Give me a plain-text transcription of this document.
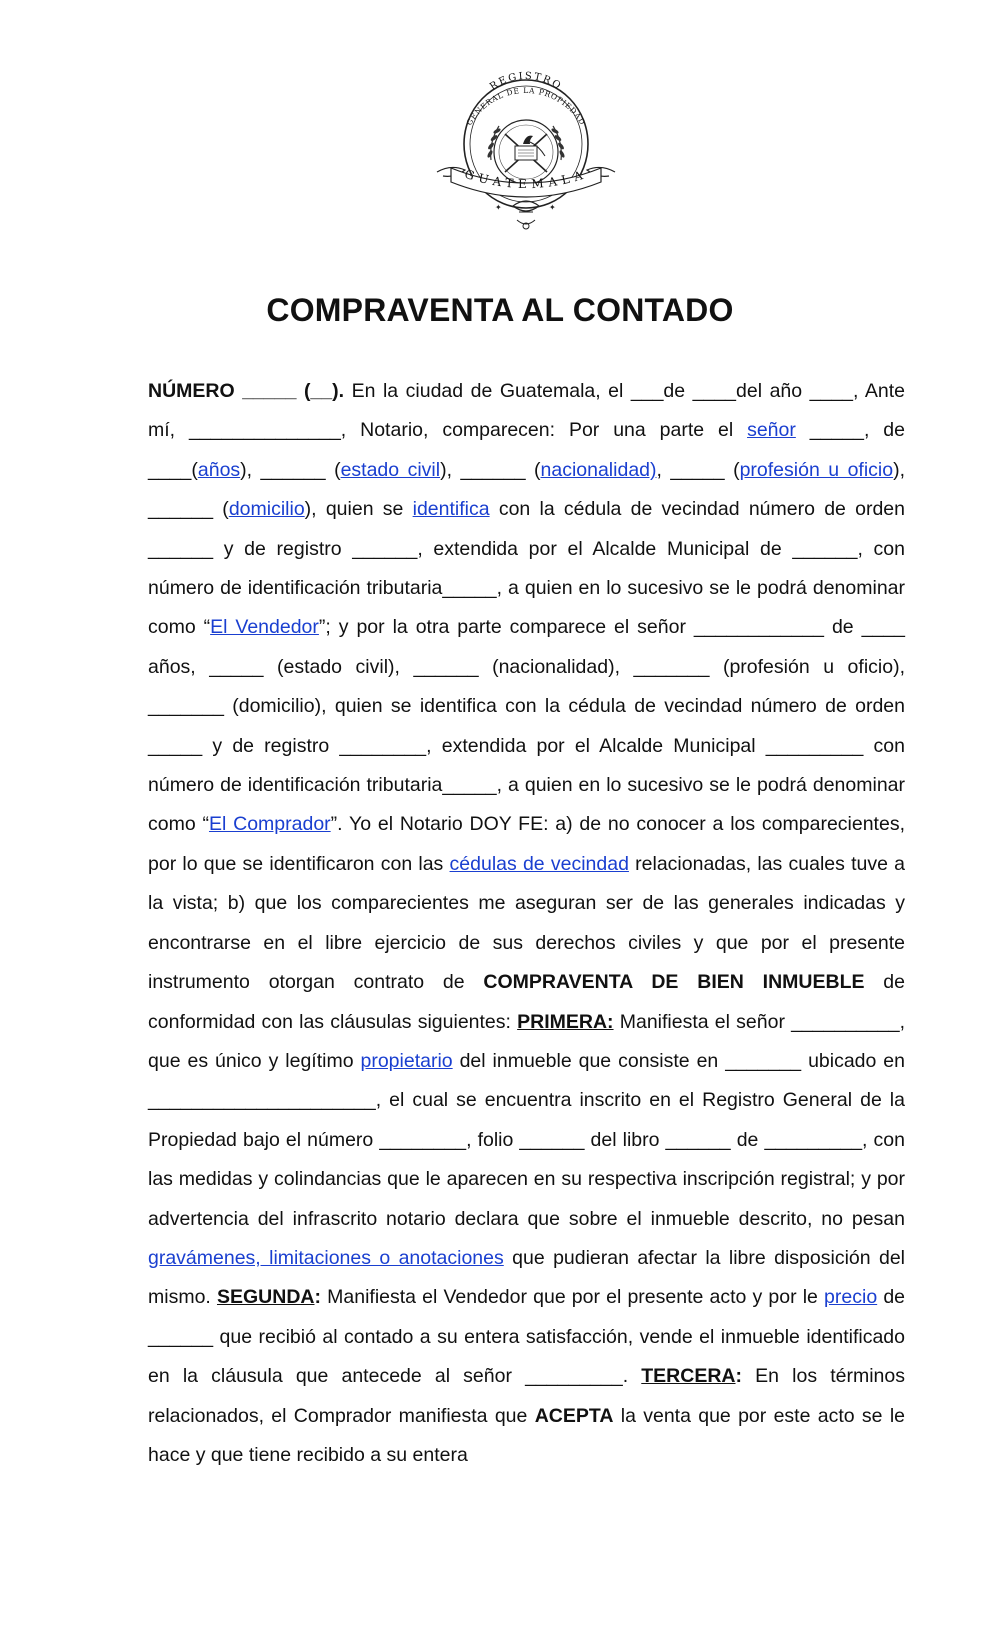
REGISTRO
GENERAL DE LA PROPIEDAD
GUATEMALA
✦	✦
COMPRAVENTA AL CONTADO

NÚMERO _____ (__). En la ciudad de Guatemala, el ___de ____del año ____, Ante mí, ______________, Notario, comparecen: Por una parte el señor _____, de ____(años), ______ (estado civil), ______ (nacionalidad), _____ (profesión u oficio), ______ (domicilio), quien se identifica con la cédula de vecindad número de orden ______ y de registro ______, extendida por el Alcalde Municipal de ______, con número de identificación tributaria_____, a quien en lo sucesivo se le podrá denominar como “El Vendedor”; y por la otra parte comparece el señor ____________ de ____ años, _____ (estado civil), ______ (nacionalidad), _______ (profesión u oficio), _______ (domicilio), quien se identifica con la cédula de vecindad número de orden _____ y de registro ________, extendida por el Alcalde Municipal _________ con número de identificación tributaria_____, a quien en lo sucesivo se le podrá denominar como “El Comprador”. Yo el Notario DOY FE: a) de no conocer a los comparecientes, por lo que se identificaron con las cédulas de vecindad relacionadas, las cuales tuve a la vista; b) que los comparecientes me aseguran ser de las generales indicadas y encontrarse en el libre ejercicio de sus derechos civiles y que por el presente instrumento otorgan contrato de COMPRAVENTA DE BIEN INMUEBLE de conformidad con las cláusulas siguientes: PRIMERA: Manifiesta el señor __________, que es único y legítimo propietario del inmueble que consiste en _______ ubicado en _____________________, el cual se encuentra inscrito en el Registro General de la Propiedad bajo el número ________, folio ______ del libro ______ de _________, con las medidas y colindancias que le aparecen en su respectiva inscripción registral; y por advertencia del infrascrito notario declara que sobre el inmueble descrito, no pesan gravámenes, limitaciones o anotaciones que pudieran afectar la libre disposición del mismo. SEGUNDA: Manifiesta el Vendedor que por el presente acto y por le precio de ______ que recibió al contado a su entera satisfacción, vende el inmueble identificado en la cláusula que antecede al señor _________. TERCERA: En los términos relacionados, el Comprador manifiesta que ACEPTA la venta que por este acto se le hace y que tiene recibido a su entera
